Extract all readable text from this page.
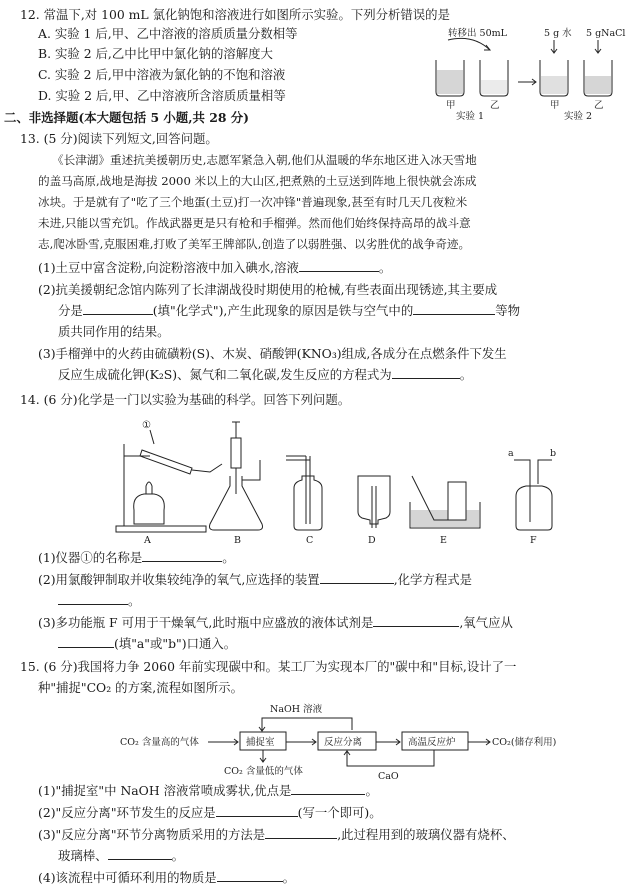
12. 常温下,对 100 mL 氯化钠饱和溶液进行如图所示实验。下列分析错误的是
A. 实验 1 后,甲、乙中溶液的溶质质量分数相等
B. 实验 2 后,乙中比甲中氯化钠的溶解度大
C. 实验 2 后,甲中溶液为氯化钠的不饱和溶液
D. 实验 2 后,甲、乙中溶液所含溶质质量相等
转移出 50mL
甲	乙
实验 1
5 g 水 5 gNaCl
甲	乙
实验 2
二、非选择题(本大题包括 5 小题,共 28 分)
13. (5 分)阅读下列短文,回答问题。
《长津湖》重述抗美援朝历史,志愿军紧急入朝,他们从温暖的华东地区进入冰天雪地
的盖马高原,战地是海拔 2000 米以上的大山区,把煮熟的土豆送到阵地上很快就会冻成
冰块。于是就有了"吃了三个地蛋(土豆)打一次冲锋"普遍现象,甚至有时几天几夜粒米
未进,只能以雪充饥。作战武器更是只有枪和手榴弹。然而他们始终保持高昂的战斗意
志,爬冰卧雪,克服困难,打败了美军王牌部队,创造了以弱胜强、以劣胜优的战争奇迹。
(1)土豆中富含淀粉,向淀粉溶液中加入碘水,溶液	。
(2)抗美援朝纪念馆内陈列了长津湖战役时期使用的枪械,有些表面出现锈迹,其主要成
分是	(填"化学式"),产生此现象的原因是铁与空气中的	等物
质共同作用的结果。
(3)手榴弹中的火药由硫磺粉(S)、木炭、硝酸钾(KNO₃)组成,各成分在点燃条件下发生
反应生成硫化钾(K₂S)、氮气和二氧化碳,发生反应的方程式为	。
14. (6 分)化学是一门以实验为基础的科学。回答下列问题。
①
A	B	C	D	E
a	b
F
(1)仪器①的名称是	。
(2)用氯酸钾制取并收集较纯净的氧气,应选择的装置	,化学方程式是
。
(3)多功能瓶 F 可用于干燥氧气,此时瓶中应盛放的液体试剂是	,氧气应从
(填"a"或"b")口通入。
15. (6 分)我国将力争 2060 年前实现碳中和。某工厂为实现本厂的"碳中和"目标,设计了一
种"捕捉"CO₂ 的方案,流程如图所示。
NaOH 溶液
CO₂ 含量高的气体	捕捉室	反应分离	高温反应炉	CO₂(储存利用)
CO₂ 含量低的气体	CaO
(1)"捕捉室"中 NaOH 溶液常喷成雾状,优点是	。
(2)"反应分离"环节发生的反应是	(写一个即可)。
(3)"反应分离"环节分离物质采用的方法是	,此过程用到的玻璃仪器有烧杯、
玻璃棒、	。
(4)该流程中可循环利用的物质是	。
